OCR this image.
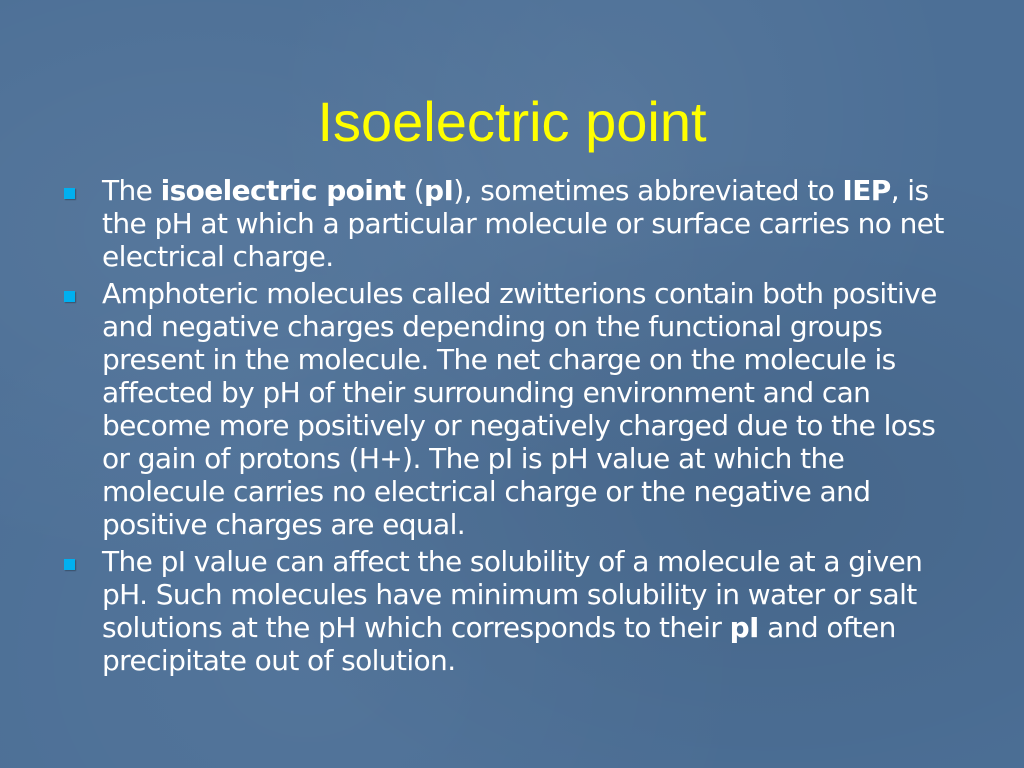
Isoelectric point
The isoelectric point (pI), sometimes abbreviated to IEP, is the pH at which a particular molecule or surface carries no net electrical charge.
Amphoteric molecules called zwitterions contain both positive and negative charges depending on the functional groups present in the molecule. The net charge on the molecule is affected by pH of their surrounding environment and can become more positively or negatively charged due to the loss or gain of protons (H+). The pI is pH value at which the molecule carries no electrical charge or the negative and positive charges are equal.
The pI value can affect the solubility of a molecule at a given pH. Such molecules have minimum solubility in water or salt solutions at the pH which corresponds to their pI and often precipitate out of solution.
